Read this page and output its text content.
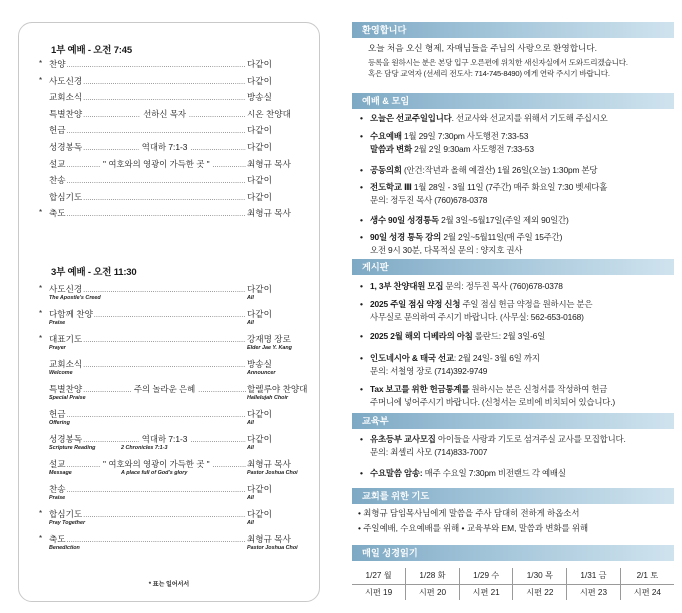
1부 예배 - 오전 7:45
* 찬양 .....	다같이
* 사도신경 .....	다같이
교회소식 .....	방송실
특별찬양 .....	선하신 목자 .....	시온 찬양대
헌금 .....	다같이
성경봉독 .....	역대하 7:1-3 .....	다같이
설교 .....	" 여호와의 영광이 가득한 곳 " .....	최형규 목사
찬송 .....	다같이
합심기도 .....	다같이
* 축도 .....	최형규 목사
3부 예배 - 오전 11:30
* 사도신경 .....	다같이
The Apostle's Creed	All
* 다함께 찬양 .....	다같이
Praise	All
* 대표기도 .....	강재명 장로
Prayer	Elder Jae Y. Kang
교회소식 .....	방송실
Welcome	Announcer
특별찬양 .....	주의 놀라운 은혜 .....	할렐루야 찬양대
Special Praise	Hallelujah Choir
헌금 .....	다같이
Offering	All
성경봉독 .....	역대하 7:1-3 .....	다같이
Scripture Reading	2 Chronicles 7:1-3	All
설교 .....	" 여호와의 영광이 가득한 곳 " .....	최형규 목사
Message	A place full of God's glory	Pastor Joshua Choi
찬송 .....	다같이
Praise	All
* 합심기도 .....	다같이
Pray Together	All
* 축도 .....	최형규 목사
Benediction	Pastor Joshua Choi
* 표는 일어서서
환영합니다
오늘 처음 오신 형제, 자매님들을 주님의 사랑으로 환영합니다.
등록을 원하시는 분은 본당 입구 오른편에 위치한 새신자실에서 도와드리겠습니다.
혹은 담당 교역자 (선세리 전도사: 714-745-8490) 에게 연락 주시기 바랍니다.
예배 & 모임
• 오늘은 선교주일입니다. 선교사와 선교지를 위해서 기도해 주십시오
• 수요예배 1월 29일 7:30pm 사도행전 7:33-53
말씀과 변화 2월 2일 9:30am 사도행전 7:33-53
• 공동의회 (안건:작년과 올해 예결산) 1월 26일(오늘) 1:30pm 본당
• 전도학교 Ⅲ 1월 28일 - 3월 11일 (7주간) 매주 화요일 7:30 벳세다홀
문의: 정두진 목사 (760)678-0378
• 생수 90일 성경통독 2월 3일~5월17일(주일 제외 90일간)
• 90일 성경 통독 강의 2월 2일~5월11일(매 주일 15주간)
오전 9시 30분, 다목적실 문의 : 양지호 권사
게시판
• 1, 3부 찬양대원 모집 문의: 정두진 목사 (760)678-0378
• 2025 주일 점심 약정 신청 주일 점심 헌금 약정을 원하시는 분은
사무실로 문의하여 주시기 바랍니다. (사무실: 562-653-0168)
• 2025 2월 해외 디베라의 아침 롤란드: 2월 3일-6일
• 인도네시아 & 태국 선교: 2월 24일- 3월 6일 까지
문의: 서철영 장로 (714)392-9749
• Tax 보고를 위한 헌금통계를 원하시는 분은 신청서를 작성하여 헌금
주머니에 넣어주시기 바랍니다. (신청서는 로비에 비치되어 있습니다.)
교육부
• 유초등부 교사모집 아이들을 사랑과 기도로 섬겨주실 교사를 모집합니다.
문의: 최셀리 사모 (714)833-7007
• 수요말씀 암송: 매주 수요일 7:30pm 비전랜드 각 예배실
교회를 위한 기도
• 최형규 담임목사님에게 말씀을 주사 담대히 전하게 하옵소서
• 주일예배, 수요예배를 위해 • 교육부와 EM, 말씀과 변화를 위해
매일 성경읽기
1/27 월	1/28 화	1/29 수	1/30 목	1/31 금	2/1 토
시편 19	시편 20	시편 21	시편 22	시편 23	시편 24
